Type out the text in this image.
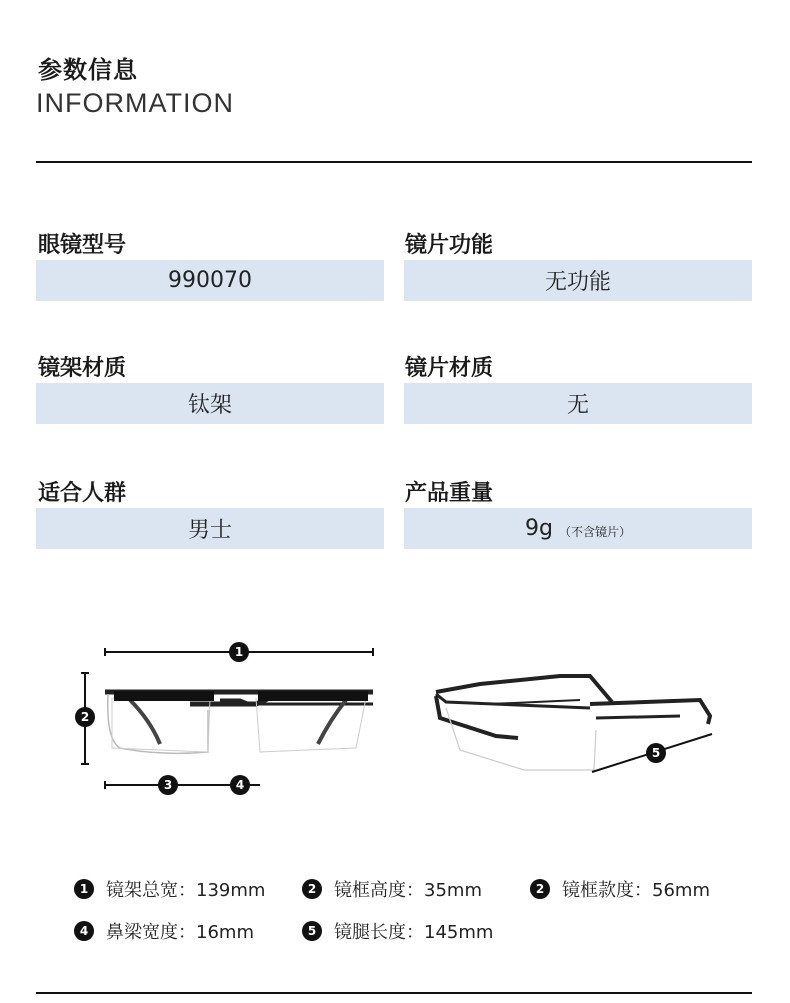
参数信息
INFORMATION
眼镜型号
990070
镜片功能
无功能
镜架材质
钛架
镜片材质
无
适合人群
男士
产品重量
9g （不含镜片）
1
2
3	4
5
1 镜架总宽：139mm	2 镜框高度：35mm	2 镜框款度：56mm
4 鼻梁宽度：16mm	5 镜腿长度：145mm
